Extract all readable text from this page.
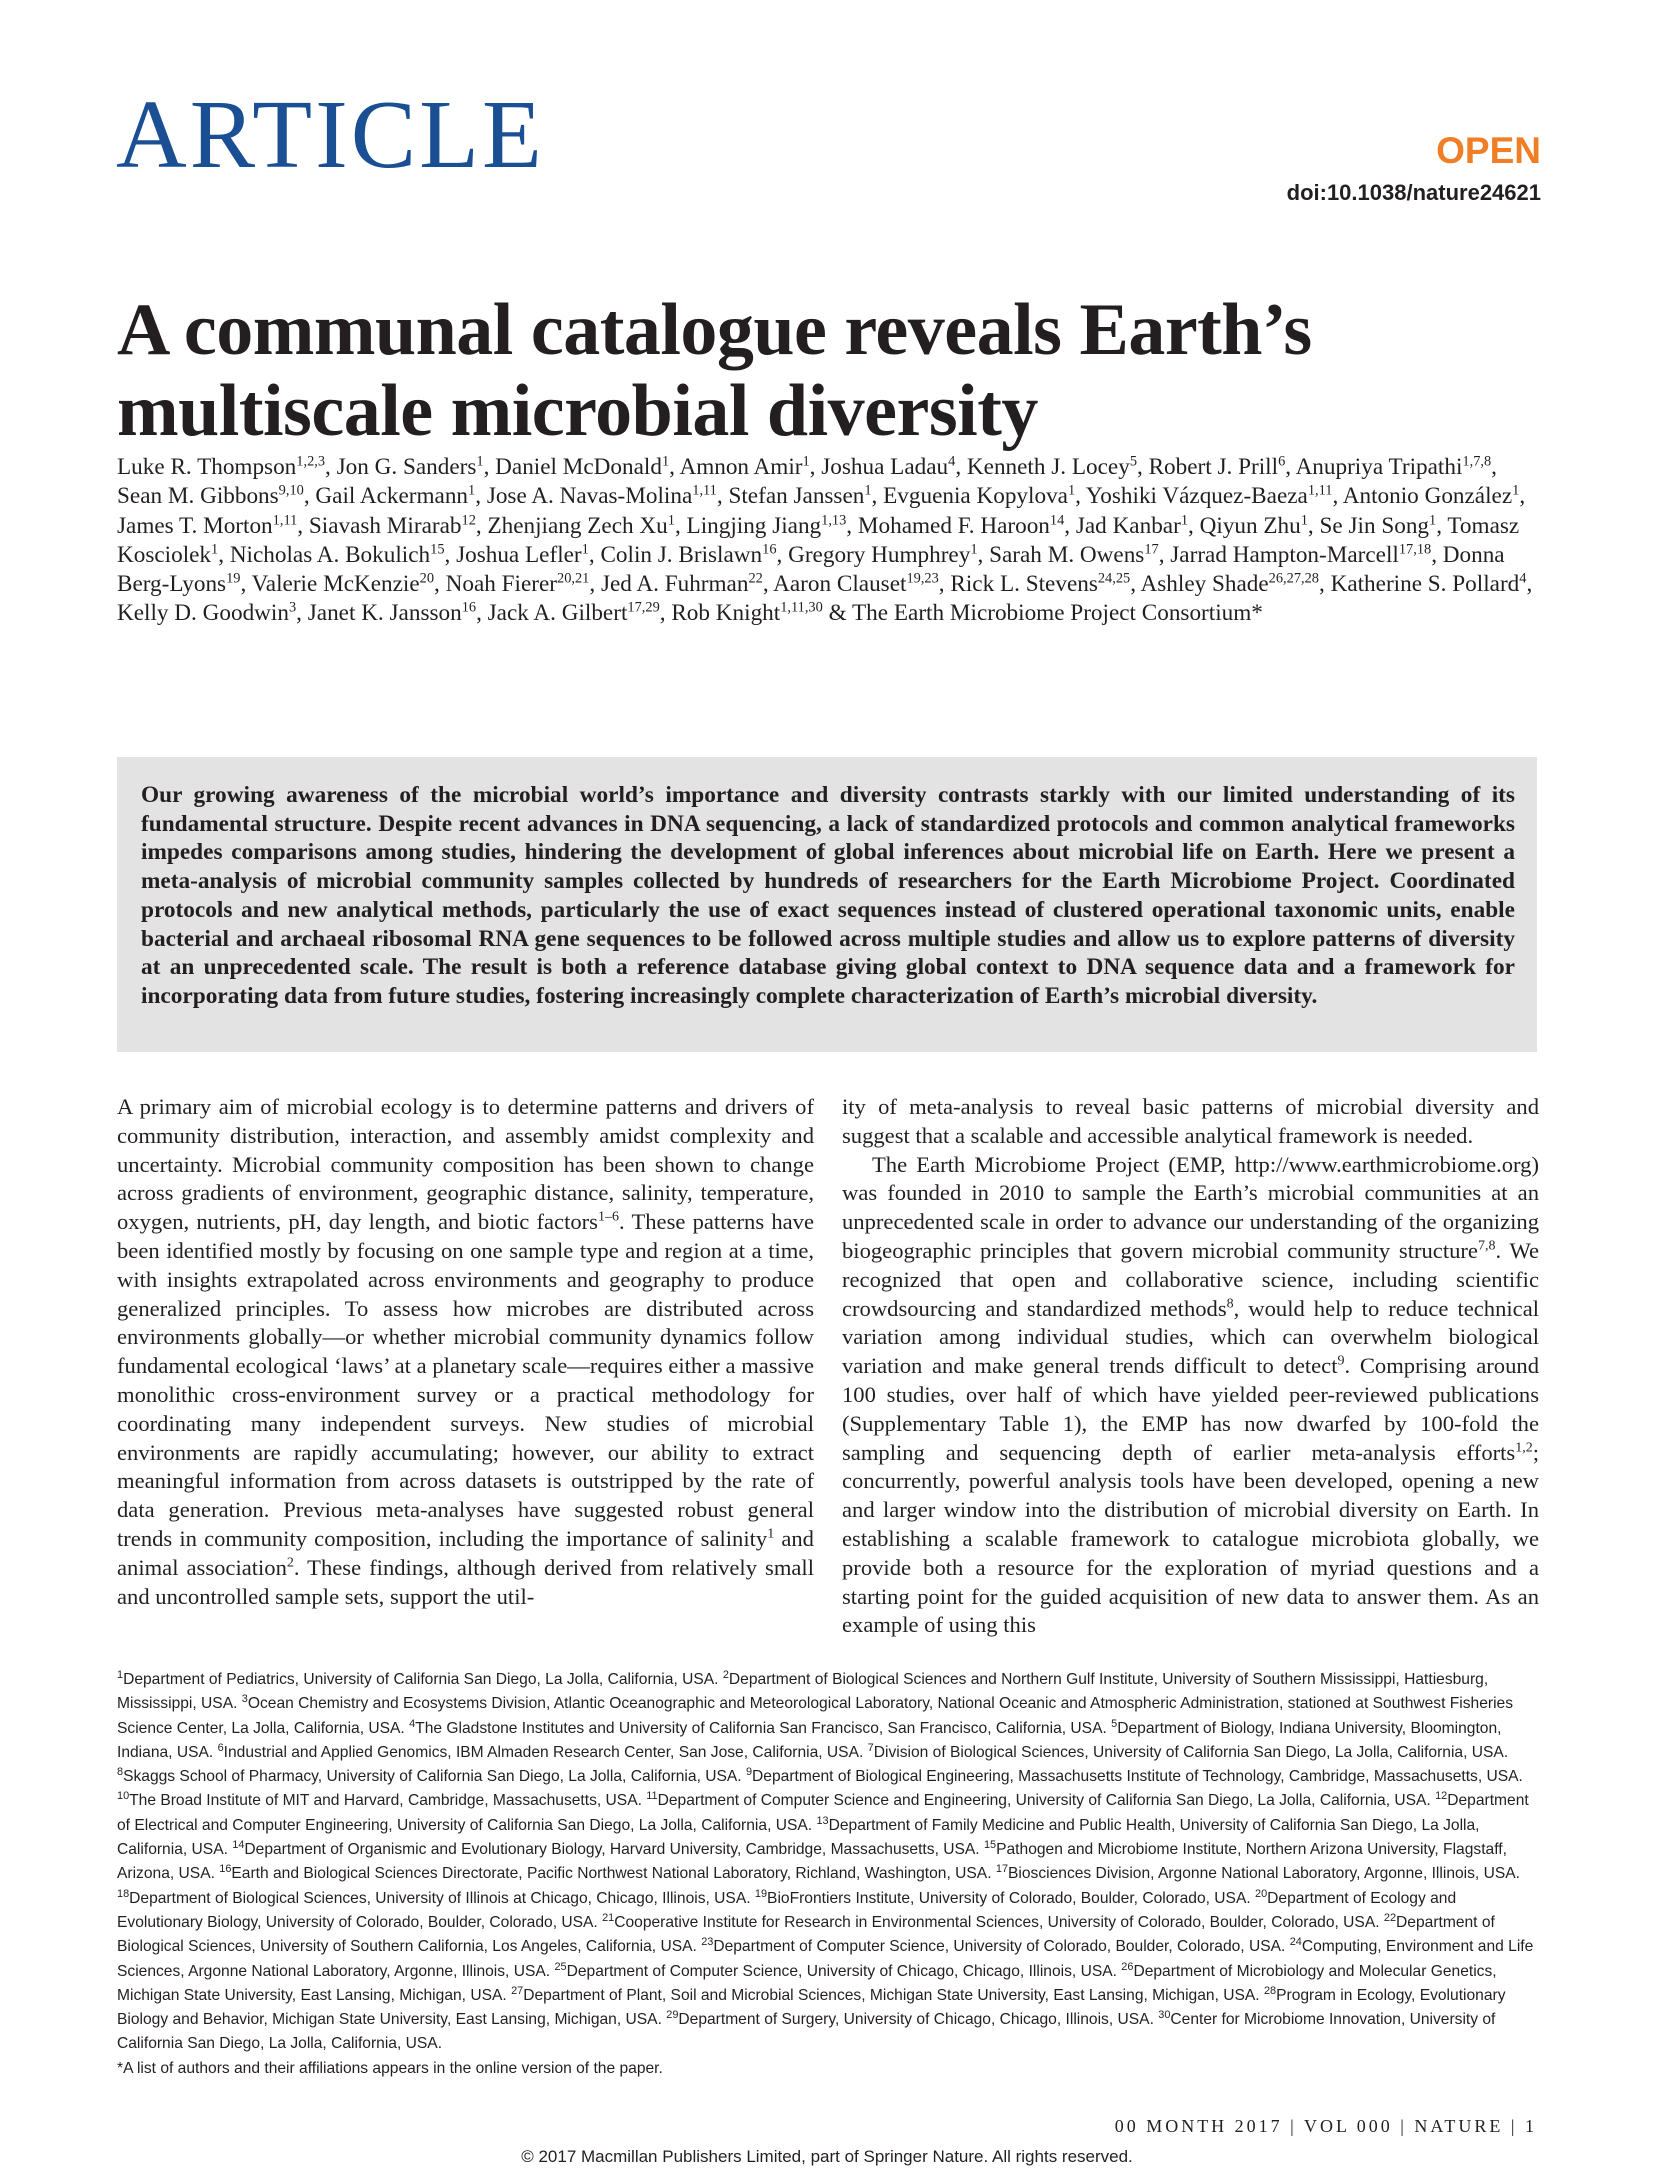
ARTICLE	OPEN
doi:10.1038/nature24621
A communal catalogue reveals Earth’s multiscale microbial diversity
Luke R. Thompson$^{1,2,3}$, Jon G. Sanders$^1$, Daniel McDonald$^1$, Amnon Amir$^1$, Joshua Ladau$^4$, Kenneth J. Locey$^5$, Robert J. Prill$^6$, Anupriya Tripathi$^{1,7,8}$, Sean M. Gibbons$^{9,10}$, Gail Ackermann$^1$, Jose A. Navas-Molina$^{1,11}$, Stefan Janssen$^1$, Evguenia Kopylova$^1$, Yoshiki Vázquez-Baeza$^{1,11}$, Antonio González$^1$, James T. Morton$^{1,11}$, Siavash Mirarab$^{12}$, Zhenjiang Zech Xu$^1$, Lingjing Jiang$^{1,13}$, Mohamed F. Haroon$^{14}$, Jad Kanbar$^1$, Qiyun Zhu$^1$, Se Jin Song$^1$, Tomasz Kosciolek$^1$, Nicholas A. Bokulich$^{15}$, Joshua Lefler$^1$, Colin J. Brislawn$^{16}$, Gregory Humphrey$^1$, Sarah M. Owens$^{17}$, Jarrad Hampton-Marcell$^{17,18}$, Donna Berg-Lyons$^{19}$, Valerie McKenzie$^{20}$, Noah Fierer$^{20,21}$, Jed A. Fuhrman$^{22}$, Aaron Clauset$^{19,23}$, Rick L. Stevens$^{24,25}$, Ashley Shade$^{26,27,28}$, Katherine S. Pollard$^4$, Kelly D. Goodwin$^3$, Janet K. Jansson$^{16}$, Jack A. Gilbert$^{17,29}$, Rob Knight$^{1,11,30}$ & The Earth Microbiome Project Consortium*

Our growing awareness of the microbial world’s importance and diversity contrasts starkly with our limited understanding of its fundamental structure. Despite recent advances in DNA sequencing, a lack of standardized protocols and common analytical frameworks impedes comparisons among studies, hindering the development of global inferences about microbial life on Earth. Here we present a meta-analysis of microbial community samples collected by hundreds of researchers for the Earth Microbiome Project. Coordinated protocols and new analytical methods, particularly the use of exact sequences instead of clustered operational taxonomic units, enable bacterial and archaeal ribosomal RNA gene sequences to be followed across multiple studies and allow us to explore patterns of diversity at an unprecedented scale. The result is both a reference database giving global context to DNA sequence data and a framework for incorporating data from future studies, fostering increasingly complete characterization of Earth’s microbial diversity.

A primary aim of microbial ecology is to determine patterns and drivers of community distribution, interaction, and assembly amidst complexity and uncertainty. Microbial community composition has been shown to change across gradients of environment, geographic distance, salinity, temperature, oxygen, nutrients, pH, day length, and biotic factors$^{1-6}$. These patterns have been identified mostly by focusing on one sample type and region at a time, with insights extrapolated across environments and geography to produce generalized principles. To assess how microbes are distributed across environments globally—or whether microbial community dynamics follow fundamental ecological ‘laws’ at a planetary scale—requires either a massive monolithic cross-environment survey or a practical methodology for coordinating many independent surveys. New studies of microbial environments are rapidly accumulating; however, our ability to extract meaningful information from across datasets is outstripped by the rate of data generation. Previous meta-analyses have suggested robust general trends in community composition, including the importance of salinity$^1$ and animal association$^2$. These findings, although derived from relatively small and uncontrolled sample sets, support the util-

ity of meta-analysis to reveal basic patterns of microbial diversity and suggest that a scalable and accessible analytical framework is needed.

The Earth Microbiome Project (EMP, http://www.earthmicrobiome.org) was founded in 2010 to sample the Earth’s microbial communities at an unprecedented scale in order to advance our understanding of the organizing biogeographic principles that govern microbial community structure$^{7,8}$. We recognized that open and collaborative science, including scientific crowdsourcing and standardized methods$^8$, would help to reduce technical variation among individual studies, which can overwhelm biological variation and make general trends difficult to detect$^9$. Comprising around 100 studies, over half of which have yielded peer-reviewed publications (Supplementary Table 1), the EMP has now dwarfed by 100-fold the sampling and sequencing depth of earlier meta-analysis efforts$^{1,2}$; concurrently, powerful analysis tools have been developed, opening a new and larger window into the distribution of microbial diversity on Earth. In establishing a scalable framework to catalogue microbiota globally, we provide both a resource for the exploration of myriad questions and a starting point for the guided acquisition of new data to answer them. As an example of using this

$^1$Department of Pediatrics, University of California San Diego, La Jolla, California, USA. $^2$Department of Biological Sciences and Northern Gulf Institute, University of Southern Mississippi, Hattiesburg, Mississippi, USA. $^3$Ocean Chemistry and Ecosystems Division, Atlantic Oceanographic and Meteorological Laboratory, National Oceanic and Atmospheric Administration, stationed at Southwest Fisheries Science Center, La Jolla, California, USA. $^4$The Gladstone Institutes and University of California San Francisco, San Francisco, California, USA. $^5$Department of Biology, Indiana University, Bloomington, Indiana, USA. $^6$Industrial and Applied Genomics, IBM Almaden Research Center, San Jose, California, USA. $^7$Division of Biological Sciences, University of California San Diego, La Jolla, California, USA. $^8$Skaggs School of Pharmacy, University of California San Diego, La Jolla, California, USA. $^9$Department of Biological Engineering, Massachusetts Institute of Technology, Cambridge, Massachusetts, USA. $^{10}$The Broad Institute of MIT and Harvard, Cambridge, Massachusetts, USA. $^{11}$Department of Computer Science and Engineering, University of California San Diego, La Jolla, California, USA. $^{12}$Department of Electrical and Computer Engineering, University of California San Diego, La Jolla, California, USA. $^{13}$Department of Family Medicine and Public Health, University of California San Diego, La Jolla, California, USA. $^{14}$Department of Organismic and Evolutionary Biology, Harvard University, Cambridge, Massachusetts, USA. $^{15}$Pathogen and Microbiome Institute, Northern Arizona University, Flagstaff, Arizona, USA. $^{16}$Earth and Biological Sciences Directorate, Pacific Northwest National Laboratory, Richland, Washington, USA. $^{17}$Biosciences Division, Argonne National Laboratory, Argonne, Illinois, USA. $^{18}$Department of Biological Sciences, University of Illinois at Chicago, Chicago, Illinois, USA. $^{19}$BioFrontiers Institute, University of Colorado, Boulder, Colorado, USA. $^{20}$Department of Ecology and Evolutionary Biology, University of Colorado, Boulder, Colorado, USA. $^{21}$Cooperative Institute for Research in Environmental Sciences, University of Colorado, Boulder, Colorado, USA. $^{22}$Department of Biological Sciences, University of Southern California, Los Angeles, California, USA. $^{23}$Department of Computer Science, University of Colorado, Boulder, Colorado, USA. $^{24}$Computing, Environment and Life Sciences, Argonne National Laboratory, Argonne, Illinois, USA. $^{25}$Department of Computer Science, University of Chicago, Chicago, Illinois, USA. $^{26}$Department of Microbiology and Molecular Genetics, Michigan State University, East Lansing, Michigan, USA. $^{27}$Department of Plant, Soil and Microbial Sciences, Michigan State University, East Lansing, Michigan, USA. $^{28}$Program in Ecology, Evolutionary Biology and Behavior, Michigan State University, East Lansing, Michigan, USA. $^{29}$Department of Surgery, University of Chicago, Chicago, Illinois, USA. $^{30}$Center for Microbiome Innovation, University of California San Diego, La Jolla, California, USA.

*A list of authors and their affiliations appears in the online version of the paper.

00 MONTH 2017 | VOL 000 | NATURE | 1
© 2017 Macmillan Publishers Limited, part of Springer Nature. All rights reserved.
